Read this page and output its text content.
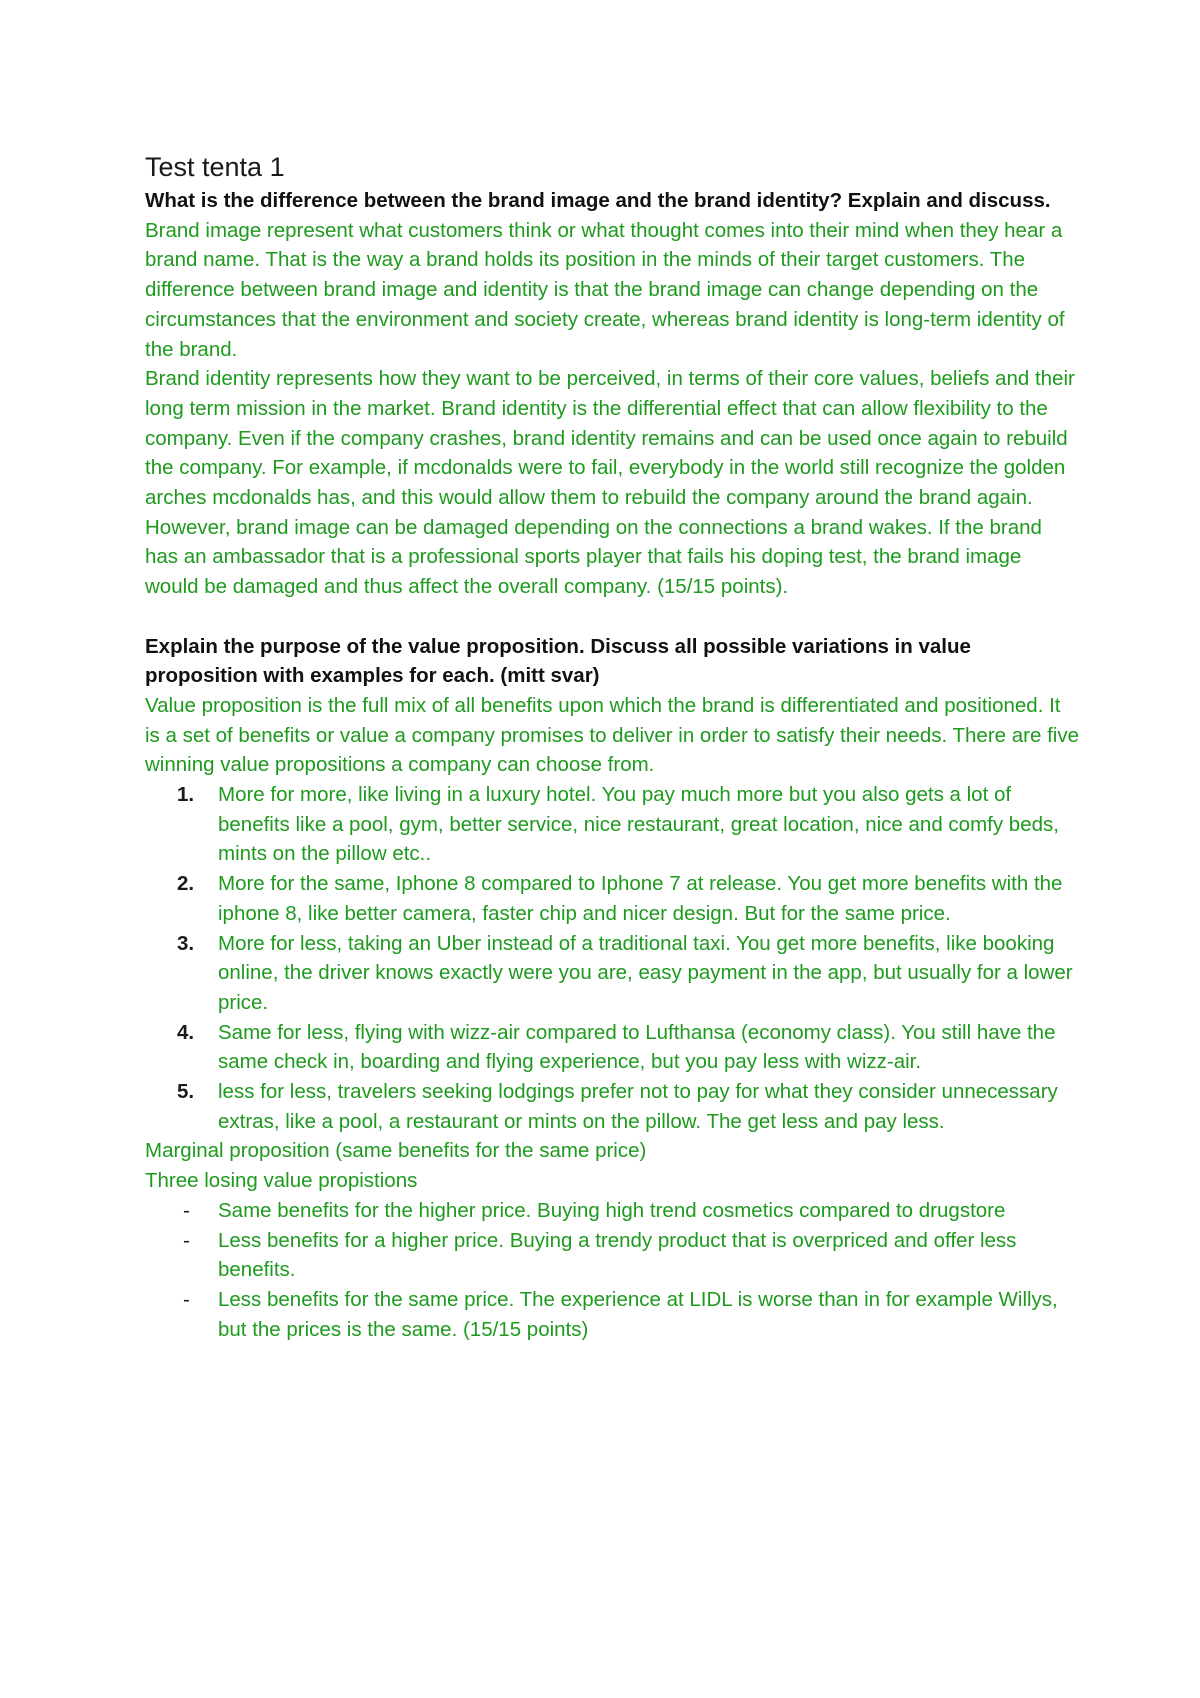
Test tenta 1

What is the difference between the brand image and the brand identity? Explain and discuss.

Brand image represent what customers think or what thought comes into their mind when they hear a brand name. That is the way a brand holds its position in the minds of their target customers. The difference between brand image and identity is that the brand image can change depending on the circumstances that the environment and society create, whereas brand identity is long-term identity of the brand.

Brand identity represents how they want to be perceived, in terms of their core values, beliefs and their long term mission in the market. Brand identity is the differential effect that can allow flexibility to the company. Even if the company crashes, brand identity remains and can be used once again to rebuild the company. For example, if mcdonalds were to fail, everybody in the world still recognize the golden arches mcdonalds has, and this would allow them to rebuild the company around the brand again. However, brand image can be damaged depending on the connections a brand wakes. If the brand has an ambassador that is a professional sports player that fails his doping test, the brand image would be damaged and thus affect the overall company. (15/15 points).

Explain the purpose of the value proposition. Discuss all possible variations in value proposition with examples for each. (mitt svar)

Value proposition is the full mix of all benefits upon which the brand is differentiated and positioned. It is a set of benefits or value a company promises to deliver in order to satisfy their needs. There are five winning value propositions a company can choose from.

1. More for more, like living in a luxury hotel. You pay much more but you also gets a lot of benefits like a pool, gym, better service, nice restaurant, great location, nice and comfy beds, mints on the pillow etc..
2. More for the same, Iphone 8 compared to Iphone 7 at release. You get more benefits with the iphone 8, like better camera, faster chip and nicer design. But for the same price.
3. More for less, taking an Uber instead of a traditional taxi. You get more benefits, like booking online, the driver knows exactly were you are, easy payment in the app, but usually for a lower price.
4. Same for less, flying with wizz-air compared to Lufthansa (economy class). You still have the same check in, boarding and flying experience, but you pay less with wizz-air.
5. less for less, travelers seeking lodgings prefer not to pay for what they consider unnecessary extras, like a pool, a restaurant or mints on the pillow. The get less and pay less.

Marginal proposition (same benefits for the same price)

Three losing value propistions

- Same benefits for the higher price. Buying high trend cosmetics compared to drugstore
- Less benefits for a higher price. Buying a trendy product that is overpriced and offer less benefits.
- Less benefits for the same price. The experience at LIDL is worse than in for example Willys, but the prices is the same. (15/15 points)
